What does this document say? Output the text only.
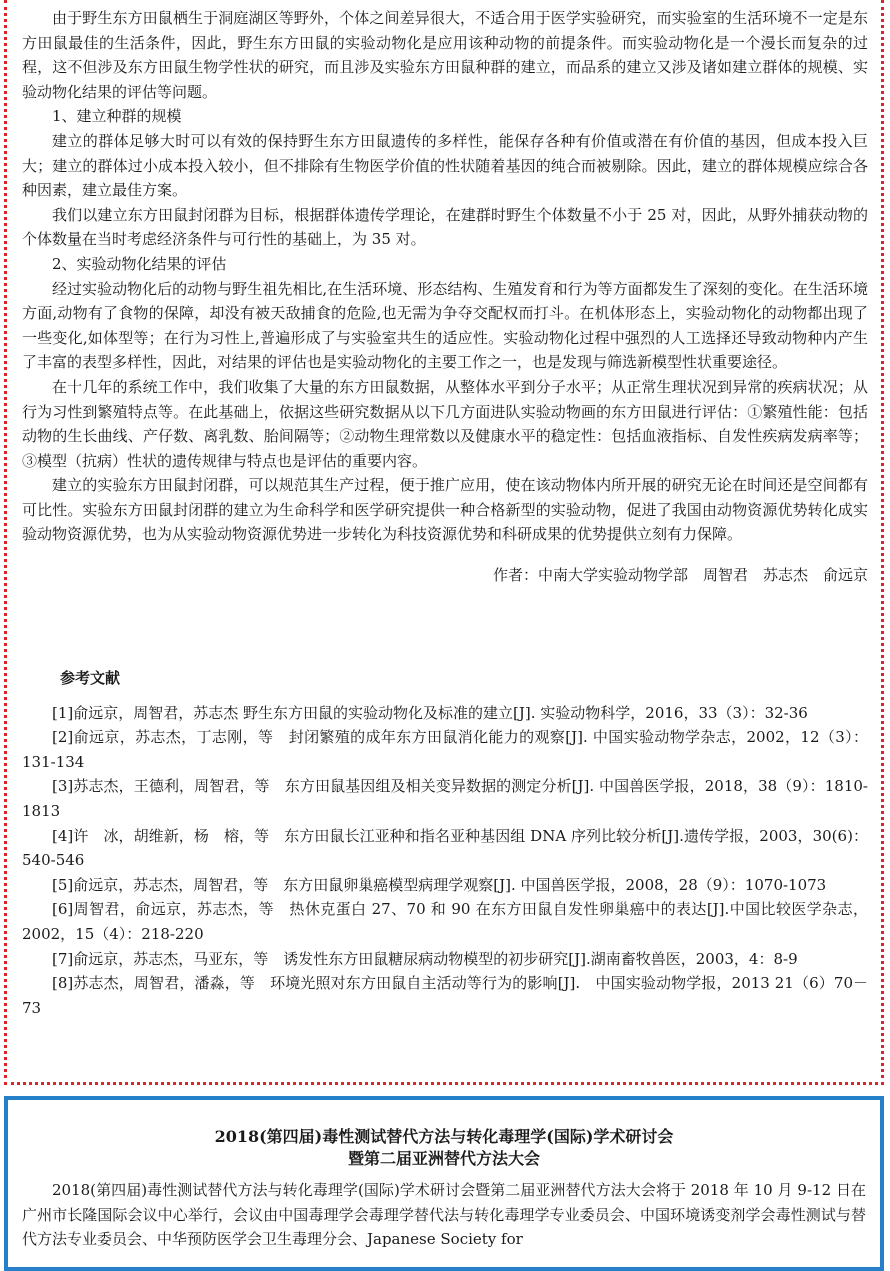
由于野生东方田鼠栖生于洞庭湖区等野外，个体之间差异很大，不适合用于医学实验研究，而实验室的生活环境不一定是东方田鼠最佳的生活条件，因此，野生东方田鼠的实验动物化是应用该种动物的前提条件。而实验动物化是一个漫长而复杂的过程，这不但涉及东方田鼠生物学性状的研究，而且涉及实验东方田鼠种群的建立，而品系的建立又涉及诸如建立群体的规模、实验动物化结果的评估等问题。

1、建立种群的规模

建立的群体足够大时可以有效的保持野生东方田鼠遗传的多样性，能保存各种有价值或潜在有价值的基因，但成本投入巨大；建立的群体过小成本投入较小，但不排除有生物医学价值的性状随着基因的纯合而被剔除。因此，建立的群体规模应综合各种因素，建立最佳方案。

我们以建立东方田鼠封闭群为目标，根据群体遗传学理论，在建群时野生个体数量不小于 25 对，因此，从野外捕获动物的个体数量在当时考虑经济条件与可行性的基础上，为 35 对。

2、实验动物化结果的评估

经过实验动物化后的动物与野生祖先相比,在生活环境、形态结构、生殖发育和行为等方面都发生了深刻的变化。在生活环境方面,动物有了食物的保障，却没有被天敌捕食的危险,也无需为争夺交配权而打斗。在机体形态上，实验动物化的动物都出现了一些变化,如体型等；在行为习性上,普遍形成了与实验室共生的适应性。实验动物化过程中强烈的人工选择还导致动物种内产生了丰富的表型多样性，因此，对结果的评估也是实验动物化的主要工作之一，也是发现与筛选新模型性状重要途径。

在十几年的系统工作中，我们收集了大量的东方田鼠数据，从整体水平到分子水平；从正常生理状况到异常的疾病状况；从行为习性到繁殖特点等。在此基础上，依据这些研究数据从以下几方面进队实验动物画的东方田鼠进行评估：①繁殖性能：包括动物的生长曲线、产仔数、离乳数、胎间隔等；②动物生理常数以及健康水平的稳定性：包括血液指标、自发性疾病发病率等；③模型（抗病）性状的遗传规律与特点也是评估的重要内容。

建立的实验东方田鼠封闭群，可以规范其生产过程，便于推广应用，使在该动物体内所开展的研究无论在时间还是空间都有可比性。实验东方田鼠封闭群的建立为生命科学和医学研究提供一种合格新型的实验动物，促进了我国由动物资源优势转化成实验动物资源优势，也为从实验动物资源优势进一步转化为科技资源优势和科研成果的优势提供立刻有力保障。

作者：中南大学实验动物学部　周智君　苏志杰　俞远京
参考文献

[1]俞远京，周智君，苏志杰 野生东方田鼠的实验动物化及标准的建立[J]. 实验动物科学，2016，33（3）：32-36

[2]俞远京，苏志杰，丁志刚，等　封闭繁殖的成年东方田鼠消化能力的观察[J]. 中国实验动物学杂志，2002，12（3）：131-134

[3]苏志杰，王德利，周智君，等　东方田鼠基因组及相关变异数据的测定分析[J]. 中国兽医学报，2018，38（9）：1810-1813

[4]许　冰，胡维新，杨　榕，等　东方田鼠长江亚种和指名亚种基因组 DNA 序列比较分析[J].遗传学报，2003，30(6)：540-546

[5]俞远京，苏志杰，周智君，等　东方田鼠卵巢癌模型病理学观察[J]. 中国兽医学报，2008，28（9）：1070-1073

[6]周智君，俞远京，苏志杰，等　热休克蛋白 27、70 和 90 在东方田鼠自发性卵巢癌中的表达[J].中国比较医学杂志，2002，15（4）：218-220

[7]俞远京，苏志杰，马亚东，等　诱发性东方田鼠糖尿病动物模型的初步研究[J].湖南畜牧兽医，2003，4：8-9

[8]苏志杰，周智君，潘淼，等　环境光照对东方田鼠自主活动等行为的影响[J].　中国实验动物学报，2013 21（6）70－73

2018(第四届)毒性测试替代方法与转化毒理学(国际)学术研讨会
暨第二届亚洲替代方法大会
2018(第四届)毒性测试替代方法与转化毒理学(国际)学术研讨会暨第二届亚洲替代方法大会将于 2018 年 10 月 9-12 日在广州市长隆国际会议中心举行，会议由中国毒理学会毒理学替代法与转化毒理学专业委员会、中国环境诱变剂学会毒性测试与替代方法专业委员会、中华预防医学会卫生毒理分会、Japanese Society for
